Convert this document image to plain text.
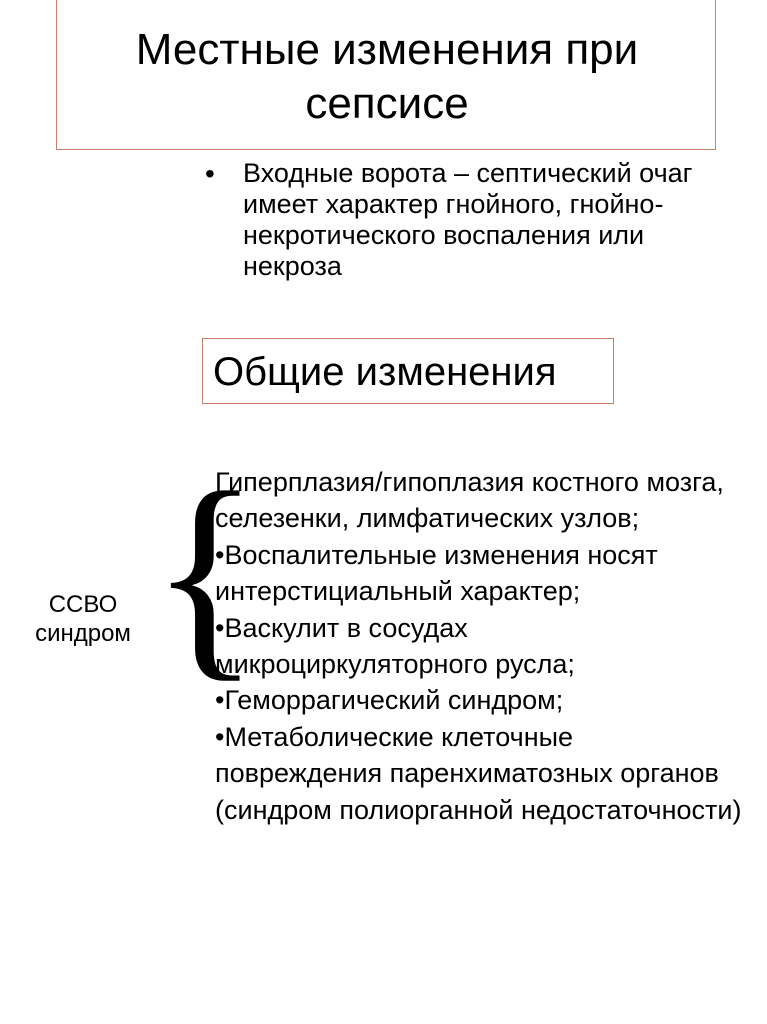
Местные изменения при
сепсисе
• Входные ворота – септический очаг имеет характер гнойного, гнойно-некротического воспаления или некроза
Общие изменения
ССВО
синдром {
Гиперплазия/гипоплазия костного мозга, селезенки, лимфатических узлов;
•Воспалительные изменения носят интерстициальный характер;
•Васкулит в сосудах микроциркуляторного русла;
•Геморрагический синдром;
•Метаболические клеточные повреждения паренхиматозных органов (синдром полиорганной недостаточности)
